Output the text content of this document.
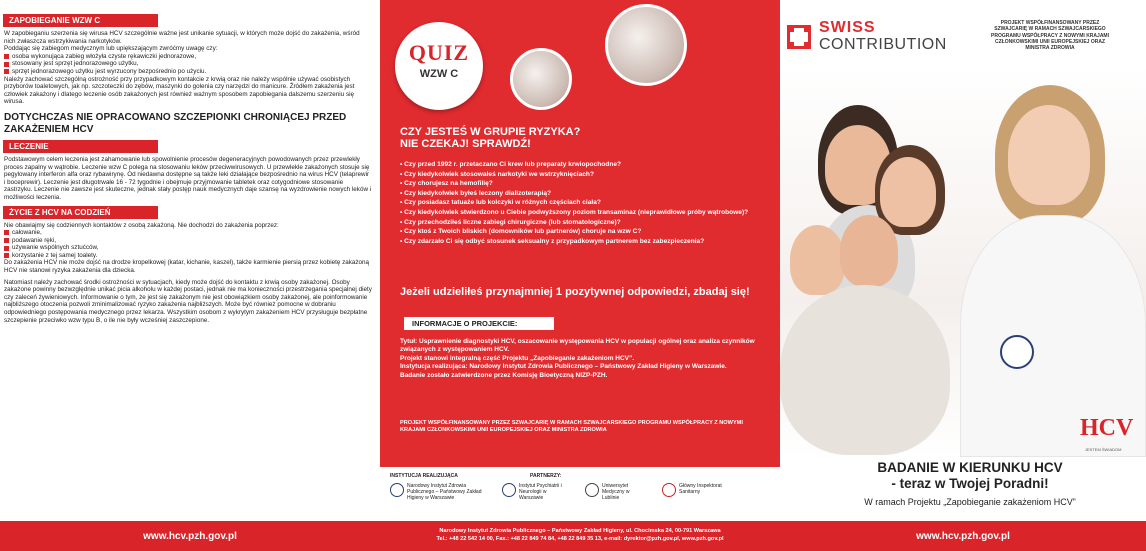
ZAPOBIEGANIE WZW C

W zapobieganiu szerzenia się wirusa HCV szczególnie ważne jest unikanie sytuacji, w których może dojść do zakażenia, wśród nich zwłaszcza wstrzykiwania narkotyków.

Poddając się zabiegom medycznym lub upiększającym zwróćmy uwagę czy:

osoba wykonująca zabieg włożyła czyste rękawiczki jednorazowe,
stosowany jest sprzęt jednorazowego użytku,
sprzęt jednorazowego użytku jest wyrzucony bezpośrednio po użyciu.

Należy zachować szczególną ostrożność przy przypadkowym kontakcie z krwią oraz nie należy wspólnie używać osobistych przyborów toaletowych, jak np. szczoteczki do zębów, maszynki do golenia czy narzędzi do manicure. Źródłem zakażenia jest człowiek zakażony i dlatego leczenie osób zakażonych jest również ważnym sposobem zapobiegania dalszemu szerzeniu się wirusa.

DOTYCHCZAS NIE OPRACOWANO SZCZEPIONKI CHRONIĄCEJ PRZED ZAKAŻENIEM HCV
LECZENIE

Podstawowym celem leczenia jest zahamowanie lub spowolnienie procesów degeneracyjnych powodowanych przez przewlekły proces zapalny w wątrobie. Leczenie wzw C polega na stosowaniu leków przeciwwirusowych. U przewlekle zakażonych stosuje się pegylowany interferon alfa oraz rybawirynę. Od niedawna dostępne są także leki działające bezpośrednio na wirus HCV (telaprewir i boceprewir). Leczenie jest długotrwałe 16 - 72 tygodnie i obejmuje przyjmowanie tabletek oraz cotygodniowe stosowanie zastrzyku. Leczenie nie zawsze jest skuteczne, jednak stały postęp nauk medycznych daje szansę na wyzdrowienie nowych leków i możliwości leczenia.

ŻYCIE Z HCV NA CODZIEŃ

Nie obawiajmy się codziennych kontaktów z osobą zakażoną. Nie dochodzi do zakażenia poprzez:

całowanie,
podawanie ręki,
używanie wspólnych sztućców,
korzystanie z tej samej toalety.

Do zakażenia HCV nie może dojść na drodze kropelkowej (katar, kichanie, kaszel), także karmienie piersią przez kobietę zakażoną HCV nie stanowi ryzyka zakażenia dla dziecka.

Natomiast należy zachować środki ostrożności w sytuacjach, kiedy może dojść do kontaktu z krwią osoby zakażonej. Osoby zakażone powinny bezwzględnie unikać picia alkoholu w każdej postaci, jednak nie ma konieczności przestrzegania specjalnej diety czy zaleceń żywieniowych. Informowanie o tym, że jest się zakażonym nie jest obowiązkiem osoby zakażonej, ale poinformowanie najbliższego otoczenia pozwoli zminimalizować ryzyko zakażenia najbliższych. Może być również pomocne w dobraniu odpowiedniego postępowania medycznego przez lekarza. Wszystkim osobom z wykrytym zakażeniem HCV przysługuje bezpłatne szczepienie przeciwko wzw typu B, o ile nie były wcześniej zaszczepione.

www.hcv.pzh.gov.pl
QUIZ
WZW C
CZY JESTEŚ W GRUPIE RYZYKA?
NIE CZEKAJ! SPRAWDŹ!
• Czy przed 1992 r. przetaczano Ci krew lub preparaty krwiopochodne?
• Czy kiedykolwiek stosowałeś narkotyki we wstrzyknięciach?
• Czy chorujesz na hemofilię?
• Czy kiedykolwiek byłeś leczony dializoterapią?
• Czy posiadasz tatuaże lub kolczyki w różnych częściach ciała?
• Czy kiedykolwiek stwierdzono u Ciebie podwyższony poziom transaminaz (nieprawidłowe próby wątrobowe)?
• Czy przechodziłeś liczne zabiegi chirurgiczne (lub stomatologiczne)?
• Czy ktoś z Twoich bliskich (domowników lub partnerów) choruje na wzw C?
• Czy zdarzało Ci się odbyć stosunek seksualny z przypadkowym partnerem bez zabezpieczenia?
Jeżeli udzieliłeś przynajmniej 1 pozytywnej odpowiedzi, zbadaj się!
INFORMACJE O PROJEKCIE:
Tytuł: Usprawnienie diagnostyki HCV, oszacowanie występowania HCV w populacji ogólnej oraz analiza czynników związanych z występowaniem HCV.
Projekt stanowi integralną część Projektu „Zapobieganie zakażeniom HCV”.
Instytucja realizująca: Narodowy Instytut Zdrowia Publicznego – Państwowy Zakład Higieny w Warszawie.
Badanie zostało zatwierdzone przez Komisję Bioetyczną NIZP-PZH.
PROJEKT WSPÓŁFINANSOWANY PRZEZ SZWAJCARIĘ W RAMACH SZWAJCARSKIEGO PROGRAMU WSPÓŁPRACY Z NOWYMI KRAJAMI CZŁONKOWSKIMI UNII EUROPEJSKIEJ ORAZ MINISTRA ZDROWIA
INSTYTUCJA REALIZUJĄCA
Narodowy Instytut Zdrowia Publicznego – Państwowy Zakład Higieny w Warszawie
PARTNERZY:
Instytut Psychiatrii i Neurologii w Warszawie
Uniwersytet Medyczny w Lublinie
Główny Inspektorat Sanitarny
Narodowy Instytut Zdrowia Publicznego – Państwowy Zakład Higieny, ul. Chocimska 24, 00-791 Warszawa
Tel.: +48 22 542 14 00, Fax.: +48 22 849 74 84, +48 22 849 35 13, e-mail: dyrektor@pzh.gov.pl, www.pzh.gov.pl
SWISS
CONTRIBUTION
PROJEKT WSPÓŁFINANSOWANY PRZEZ SZWAJCARIĘ W RAMACH SZWAJCARSKIEGO PROGRAMU WSPÓŁPRACY Z NOWYMI KRAJAMI CZŁONKOWSKIMI UNII EUROPEJSKIEJ ORAZ MINISTRA ZDROWIA
HCV
JESTEM ŚWIADOM
BADANIE W KIERUNKU HCV
- teraz w Twojej Poradni!
W ramach Projektu „Zapobieganie zakażeniom HCV”
www.hcv.pzh.gov.pl
